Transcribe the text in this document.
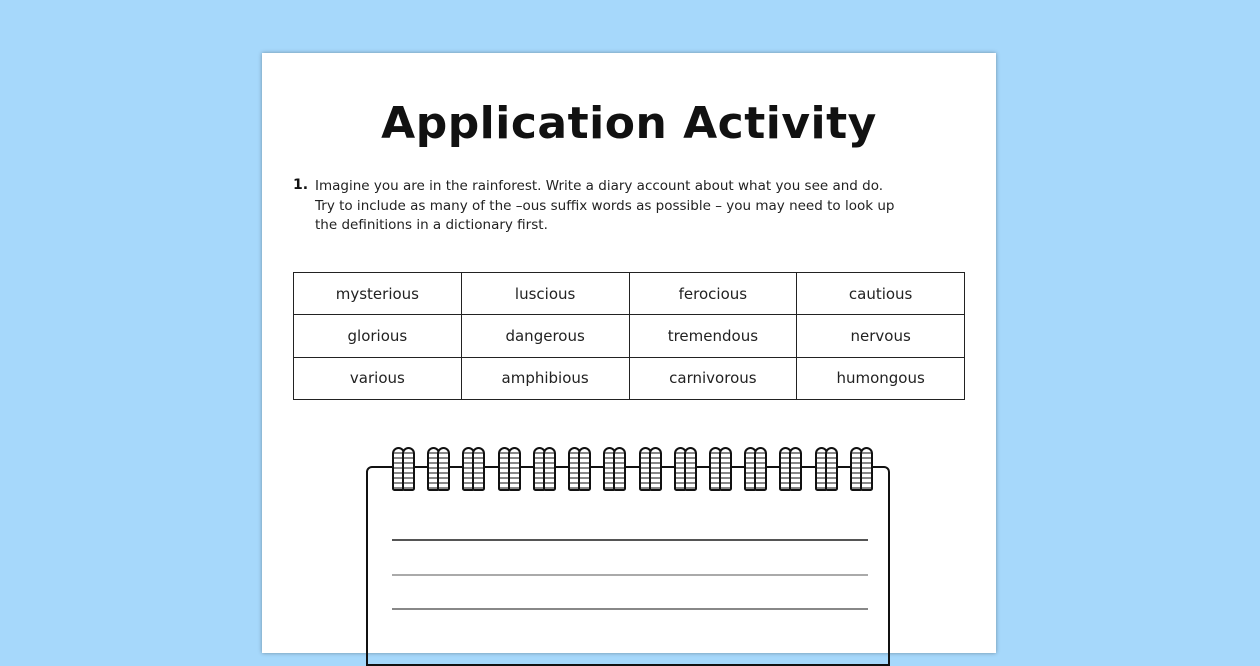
Application Activity
1. Imagine you are in the rainforest. Write a diary account about what you see and do.
Try to include as many of the –ous suffix words as possible – you may need to look up
the definitions in a dictionary first.
mysterious	luscious	ferocious	cautious
glorious	dangerous	tremendous	nervous
various	amphibious	carnivorous	humongous
